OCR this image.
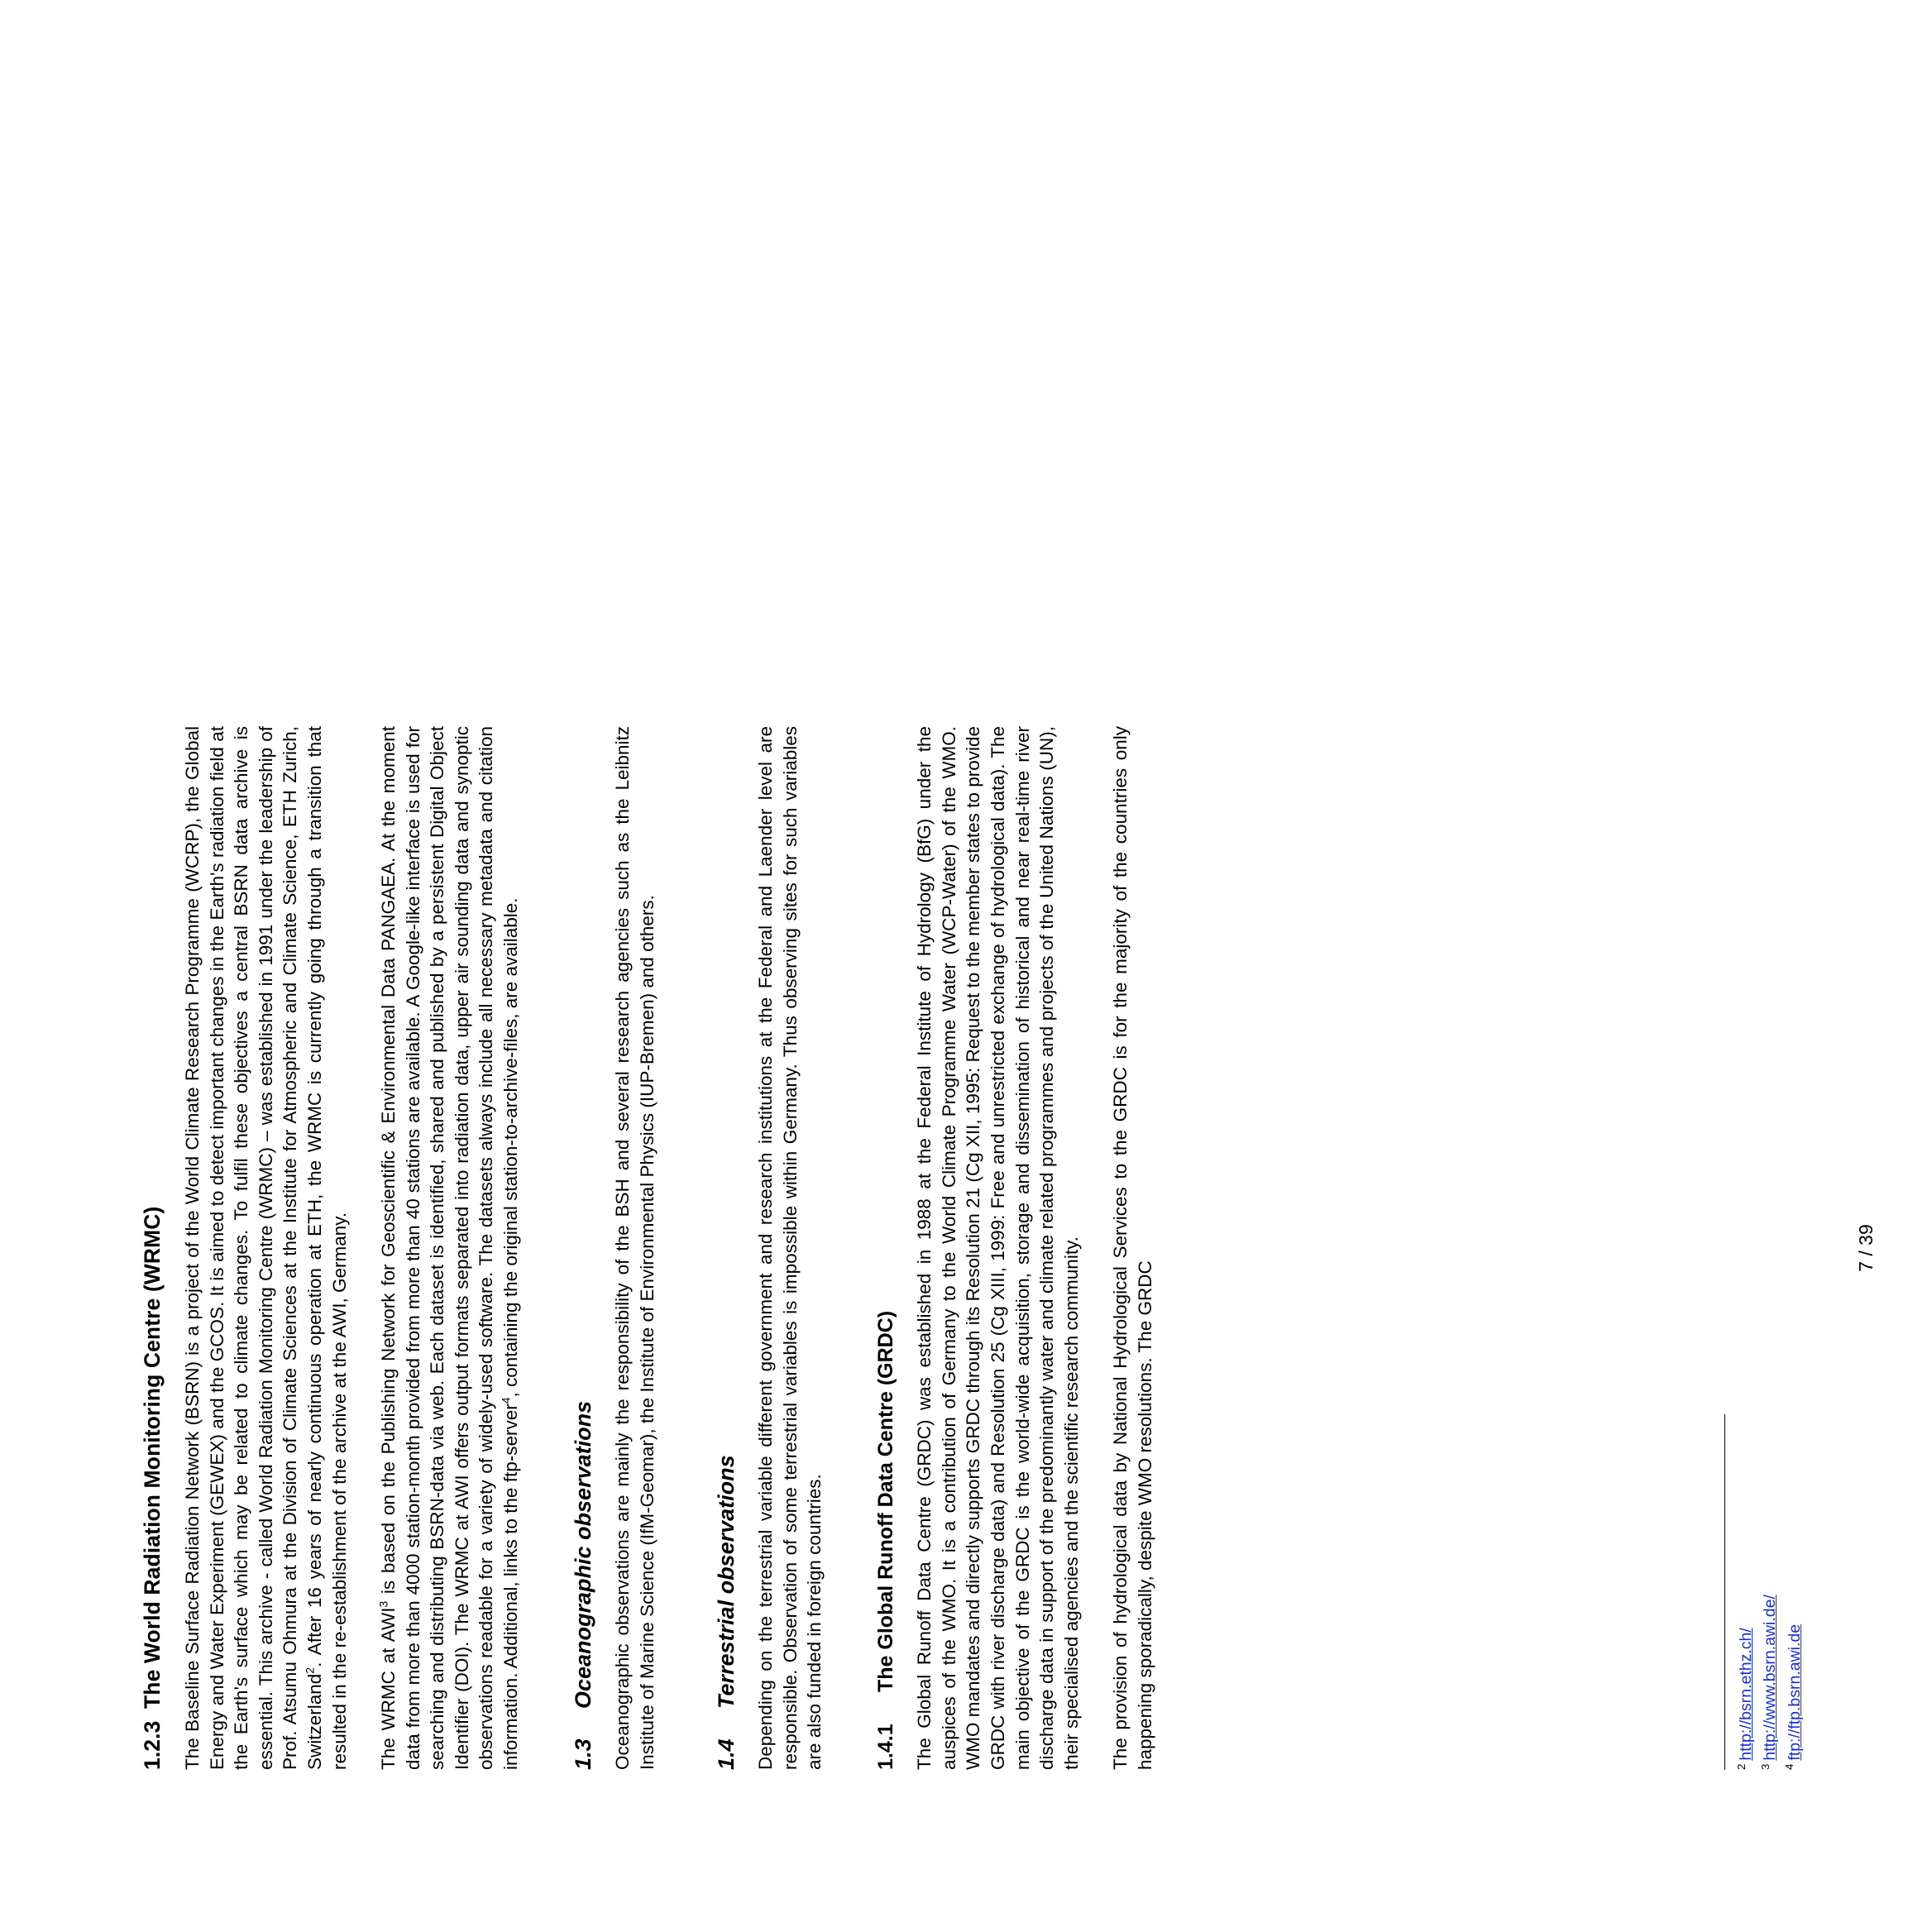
1.2.3The World Radiation Monitoring Centre (WRMC) The Baseline Surface Radiation Network (BSRN) is a project of the World Climate Research Programme (WCRP), the Global Energy and Water Experiment (GEWEX) and the GCOS. It is aimed to detect important changes in the Earth's radiation field at the Earth's surface which may be related to climate changes. To fulfil these objectives a central BSRN data archive is essential. This archive - called World Radiation Monitoring Centre (WRMC) – was established in 1991 under the leadership of Prof. Atsumu Ohmura at the Division of Climate Sciences at the Institute for Atmospheric and Climate Science, ETH Zurich, Switzerland$^2$. After 16 years of nearly continuous operation at ETH, the WRMC is currently going through a transition that resulted in the re-establishment of the archive at the AWI, Germany. The WRMC at AWI$^3$ is based on the Publishing Network for Geoscientific & Environmental Data PANGAEA. At the moment data from more than 4000 station-month provided from more than 40 stations are available. A Google-like interface is used for searching and distributing BSRN-data via web. Each dataset is identified, shared and published by a persistent Digital Object Identifier (DOI). The WRMC at AWI offers output formats separated into radiation data, upper air sounding data and synoptic observations readable for a variety of widely-used software. The datasets always include all necessary metadata and citation information. Additional, links to the ftp-server$^4$, containing the original station-to-archive-files, are available.

1.3Oceanographic observations Oceanographic observations are mainly the responsibility of the BSH and several research agencies such as the Leibnitz Institute of Marine Science (IfM-Geomar), the Institute of Environmental Physics (IUP-Bremen) and others.	1.4Terrestrial observations Depending on the terrestrial variable different government and research institutions at the Federal and Laender level are responsible. Observation of some terrestrial variables is impossible within Germany. Thus observing sites for such variables are also funded in foreign countries. 1.4.1The Global Runoff Data Centre (GRDC) The Global Runoff Data Centre (GRDC) was established in 1988 at the Federal Institute of Hydrology (BfG) under the auspices of the WMO. It is a contribution of Germany to the World Climate Programme Water (WCP-Water) of the WMO. WMO mandates and directly supports GRDC through its Resolution 21 (Cg XII, 1995: Request to the member states to provide GRDC with river discharge data) and Resolution 25 (Cg XIII, 1999: Free and unrestricted exchange of hydrological data). The main objective of the GRDC is the world-wide acquisition, storage and dissemination of historical and near real-time river discharge data in support of the predominantly water and climate related programmes and projects of the United Nations (UN), their specialised agencies and the scientific research community. The provision of hydrological data by National Hydrological Services to the GRDC is for the majority of the countries only happening sporadically, despite WMO resolutions. The GRDC	$^2$http://bsrn.ethz.ch/

$^3$http://www.bsrn.awi.de/

$^4$ftp://ftp.bsrn.awi.de

7 / 39
